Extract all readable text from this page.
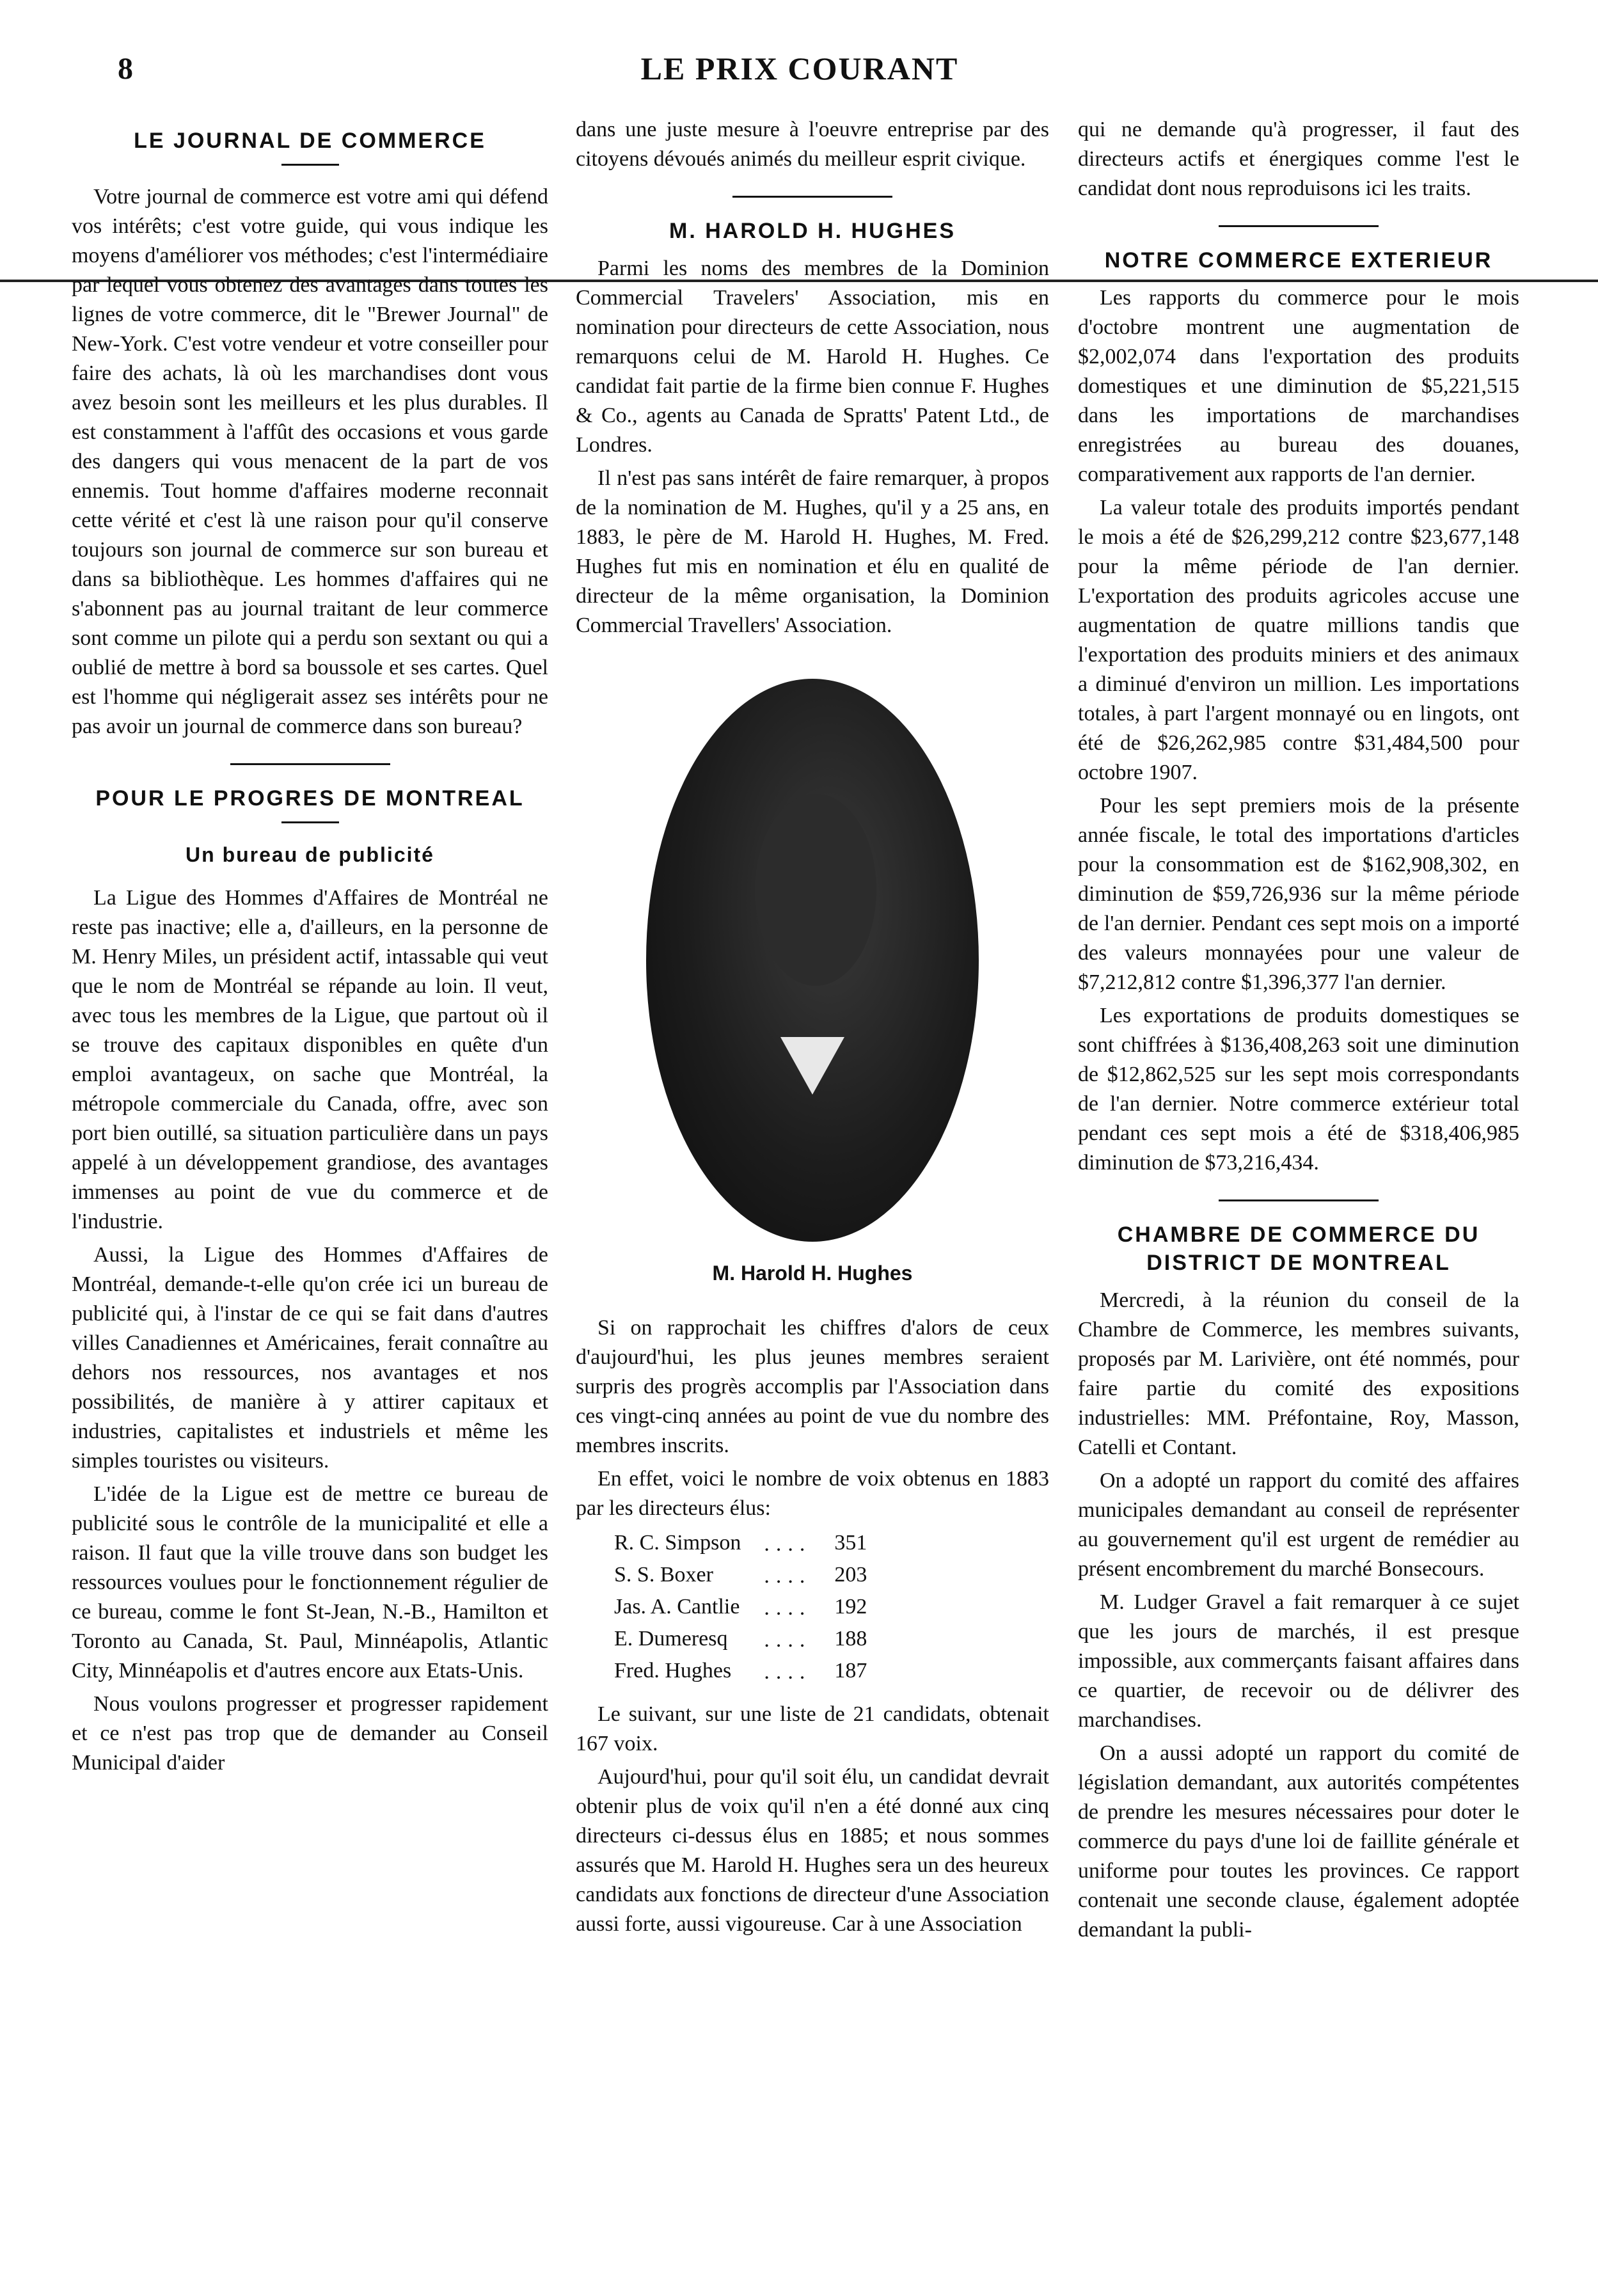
8	LE PRIX COURANT
LE JOURNAL DE COMMERCE

Votre journal de commerce est votre ami qui défend vos intérêts; c'est votre guide, qui vous indique les moyens d'améliorer vos méthodes; c'est l'intermédiaire par lequel vous obtenez des avantages dans toutes les lignes de votre commerce, dit le "Brewer Journal" de New-York. C'est votre vendeur et votre conseiller pour faire des achats, là où les marchandises dont vous avez besoin sont les meilleurs et les plus durables. Il est constamment à l'affût des occasions et vous garde des dangers qui vous menacent de la part de vos ennemis. Tout homme d'affaires moderne reconnait cette vérité et c'est là une raison pour qu'il conserve toujours son journal de commerce sur son bureau et dans sa bibliothèque. Les hommes d'affaires qui ne s'abonnent pas au journal traitant de leur commerce sont comme un pilote qui a perdu son sextant ou qui a oublié de mettre à bord sa boussole et ses cartes. Quel est l'homme qui négligerait assez ses intérêts pour ne pas avoir un journal de commerce dans son bureau?

POUR LE PROGRES DE MONTREAL
Un bureau de publicité

La Ligue des Hommes d'Affaires de Montréal ne reste pas inactive; elle a, d'ailleurs, en la personne de M. Henry Miles, un président actif, intassable qui veut que le nom de Montréal se répande au loin. Il veut, avec tous les membres de la Ligue, que partout où il se trouve des capitaux disponibles en quête d'un emploi avantageux, on sache que Montréal, la métropole commerciale du Canada, offre, avec son port bien outillé, sa situation particulière dans un pays appelé à un développement grandiose, des avantages immenses au point de vue du commerce et de l'industrie.

Aussi, la Ligue des Hommes d'Affaires de Montréal, demande-t-elle qu'on crée ici un bureau de publicité qui, à l'instar de ce qui se fait dans d'autres villes Canadiennes et Américaines, ferait connaître au dehors nos ressources, nos avantages et nos possibilités, de manière à y attirer capitaux et industries, capitalistes et industriels et même les simples touristes ou visiteurs.

L'idée de la Ligue est de mettre ce bureau de publicité sous le contrôle de la municipalité et elle a raison. Il faut que la ville trouve dans son budget les ressources voulues pour le fonctionnement régulier de ce bureau, comme le font St-Jean, N.-B., Hamilton et Toronto au Canada, St. Paul, Minnéapolis, Atlantic City, Minnéapolis et d'autres encore aux Etats-Unis.

Nous voulons progresser et progresser rapidement et ce n'est pas trop que de demander au Conseil Municipal d'aider

dans une juste mesure à l'oeuvre entreprise par des citoyens dévoués animés du meilleur esprit civique.

M. HAROLD H. HUGHES

Parmi les noms des membres de la Dominion Commercial Travelers' Association, mis en nomination pour directeurs de cette Association, nous remarquons celui de M. Harold H. Hughes. Ce candidat fait partie de la firme bien connue F. Hughes & Co., agents au Canada de Spratts' Patent Ltd., de Londres.

Il n'est pas sans intérêt de faire remarquer, à propos de la nomination de M. Hughes, qu'il y a 25 ans, en 1883, le père de M. Harold H. Hughes, M. Fred. Hughes fut mis en nomination et élu en qualité de directeur de la même organisation, la Dominion Commercial Travellers' Association.

M. Harold H. Hughes

Si on rapprochait les chiffres d'alors de ceux d'aujourd'hui, les plus jeunes membres seraient surpris des progrès accomplis par l'Association dans ces vingt-cinq années au point de vue du nombre des membres inscrits.

En effet, voici le nombre de voix obtenus en 1883 par les directeurs élus:

R. C. Simpson	....	351
S. S. Boxer	....	203
Jas. A. Cantlie	....	192
E. Dumeresq	....	188
Fred. Hughes	....	187

Le suivant, sur une liste de 21 candidats, obtenait 167 voix.

Aujourd'hui, pour qu'il soit élu, un candidat devrait obtenir plus de voix qu'il n'en a été donné aux cinq directeurs ci-dessus élus en 1885; et nous sommes assurés que M. Harold H. Hughes sera un des heureux candidats aux fonctions de directeur d'une Association aussi forte, aussi vigoureuse. Car à une Association

qui ne demande qu'à progresser, il faut des directeurs actifs et énergiques comme l'est le candidat dont nous reproduisons ici les traits.

NOTRE COMMERCE EXTERIEUR

Les rapports du commerce pour le mois d'octobre montrent une augmentation de $2,002,074 dans l'exportation des produits domestiques et une diminution de $5,221,515 dans les importations de marchandises enregistrées au bureau des douanes, comparativement aux rapports de l'an dernier.

La valeur totale des produits importés pendant le mois a été de $26,299,212 contre $23,677,148 pour la même période de l'an dernier. L'exportation des produits agricoles accuse une augmentation de quatre millions tandis que l'exportation des produits miniers et des animaux a diminué d'environ un million. Les importations totales, à part l'argent monnayé ou en lingots, ont été de $26,262,985 contre $31,484,500 pour octobre 1907.

Pour les sept premiers mois de la présente année fiscale, le total des importations d'articles pour la consommation est de $162,908,302, en diminution de $59,726,936 sur la même période de l'an dernier. Pendant ces sept mois on a importé des valeurs monnayées pour une valeur de $7,212,812 contre $1,396,377 l'an dernier.

Les exportations de produits domestiques se sont chiffrées à $136,408,263 soit une diminution de $12,862,525 sur les sept mois correspondants de l'an dernier. Notre commerce extérieur total pendant ces sept mois a été de $318,406,985 diminution de $73,216,434.

CHAMBRE DE COMMERCE DU DISTRICT DE MONTREAL

Mercredi, à la réunion du conseil de la Chambre de Commerce, les membres suivants, proposés par M. Larivière, ont été nommés, pour faire partie du comité des expositions industrielles: MM. Préfontaine, Roy, Masson, Catelli et Contant.

On a adopté un rapport du comité des affaires municipales demandant au conseil de représenter au gouvernement qu'il est urgent de remédier au présent encombrement du marché Bonsecours.

M. Ludger Gravel a fait remarquer à ce sujet que les jours de marchés, il est presque impossible, aux commerçants faisant affaires dans ce quartier, de recevoir ou de délivrer des marchandises.

On a aussi adopté un rapport du comité de législation demandant, aux autorités compétentes de prendre les mesures nécessaires pour doter le commerce du pays d'une loi de faillite générale et uniforme pour toutes les provinces. Ce rapport contenait une seconde clause, également adoptée demandant la publi-
